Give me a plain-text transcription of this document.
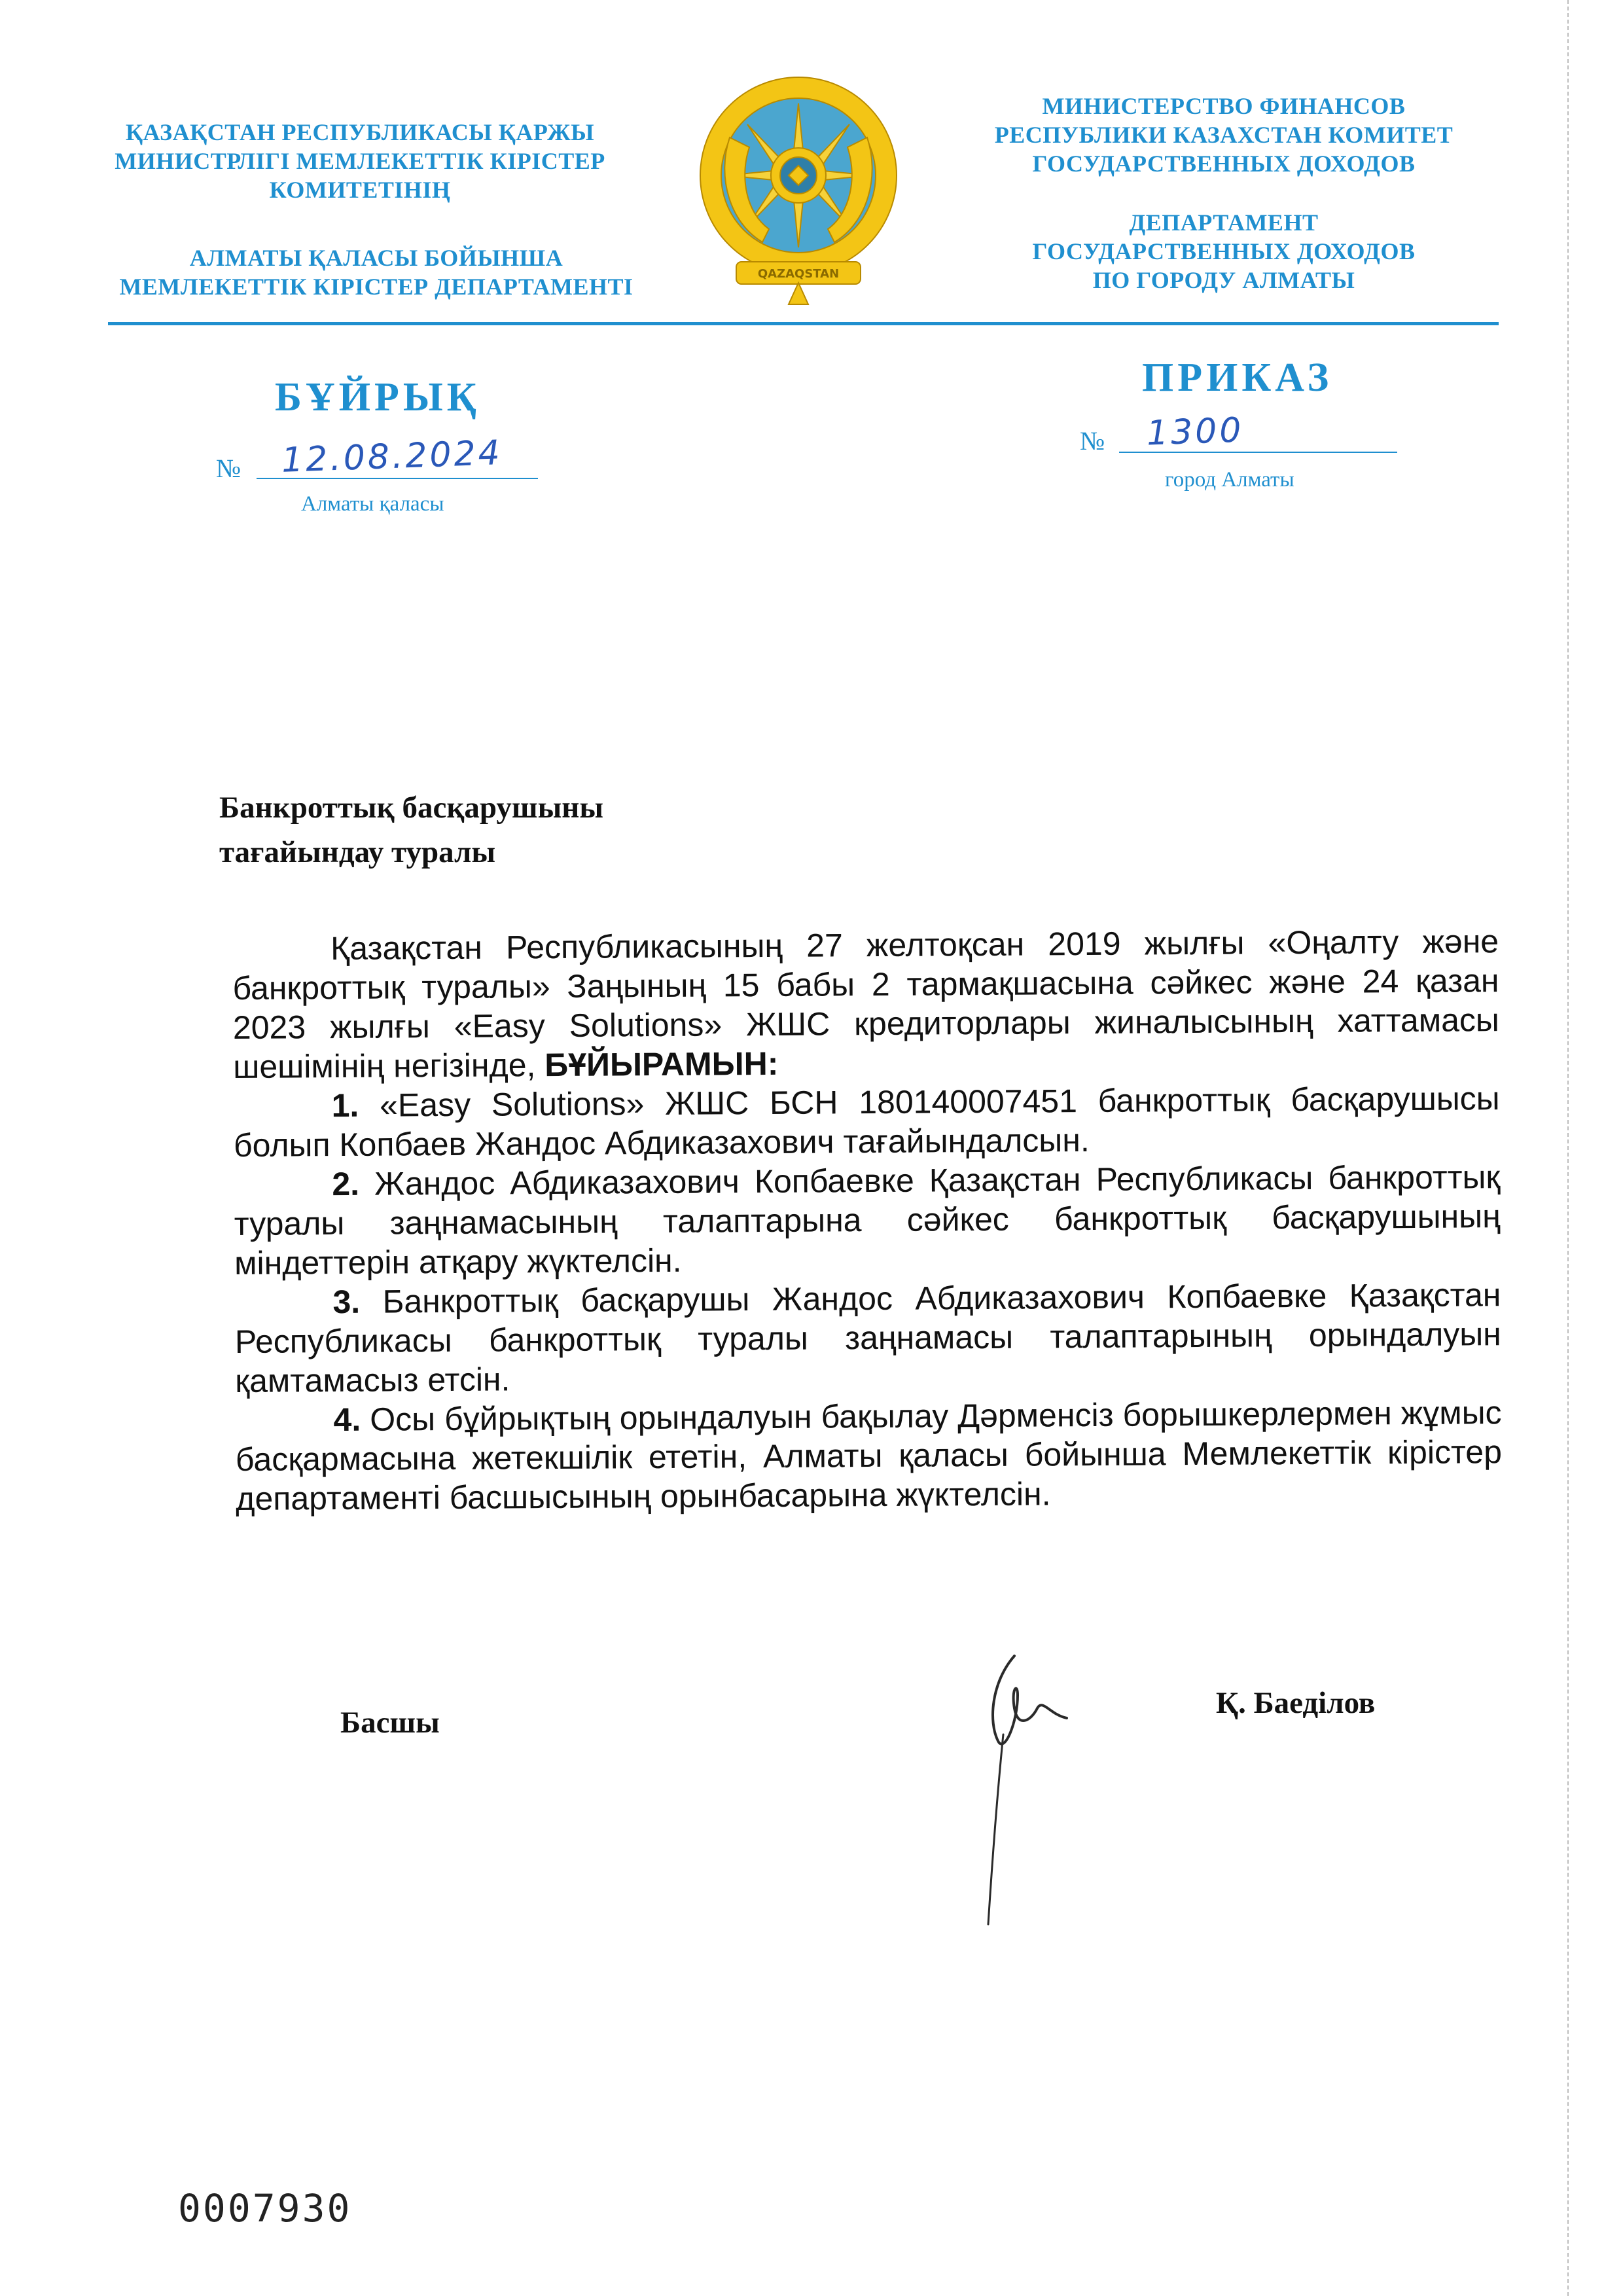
ҚАЗАҚСТАН РЕСПУБЛИКАСЫ ҚАРЖЫ
МИНИСТРЛІГІ МЕМЛЕКЕТТІК КІРІСТЕР
КОМИТЕТІНІҢ
АЛМАТЫ ҚАЛАСЫ БОЙЫНША
МЕМЛЕКЕТТІК КІРІСТЕР ДЕПАРТАМЕНТІ	QAZAQSTAN
МИНИСТЕРСТВО ФИНАНСОВ
РЕСПУБЛИКИ КАЗАХСТАН КОМИТЕТ
ГОСУДАРСТВЕННЫХ ДОХОДОВ
ДЕПАРТАМЕНТ
ГОСУДАРСТВЕННЫХ ДОХОДОВ
ПО ГОРОДУ АЛМАТЫ
БҰЙРЫҚ	ПРИКАЗ
№ 12.08.2024	№ 1300
Алматы қаласы
город Алматы
Банкроттық басқарушыны
тағайындау туралы

Қазақстан Республикасының 27 желтоқсан 2019 жылғы «Оңалту және банкроттық туралы» Заңының 15 бабы 2 тармақшасына сәйкес және 24 қазан 2023 жылғы «Easy Solutions» ЖШС кредиторлары жиналысының хаттамасы шешімінің негізінде, БҰЙЫРАМЫН:

1. «Easy Solutions» ЖШС БСН 180140007451 банкроттық басқарушысы болып Копбаев Жандос Абдиказахович тағайындалсын.

2. Жандос Абдиказахович Копбаевке Қазақстан Республикасы банкроттық туралы заңнамасының талаптарына сәйкес банкроттық басқарушының міндеттерін атқару жүктелсін.

3. Банкроттық басқарушы Жандос Абдиказахович Копбаевке Қазақстан Республикасы банкроттық туралы заңнамасы талаптарының орындалуын қамтамасыз етсін.

4. Осы бұйрықтың орындалуын бақылау Дәрменсіз борышкерлермен жұмыс басқармасына жетекшілік ететін, Алматы қаласы бойынша Мемлекеттік кірістер департаменті басшысының орынбасарына жүктелсін.

Басшы
Қ. Баеділов
0007930
